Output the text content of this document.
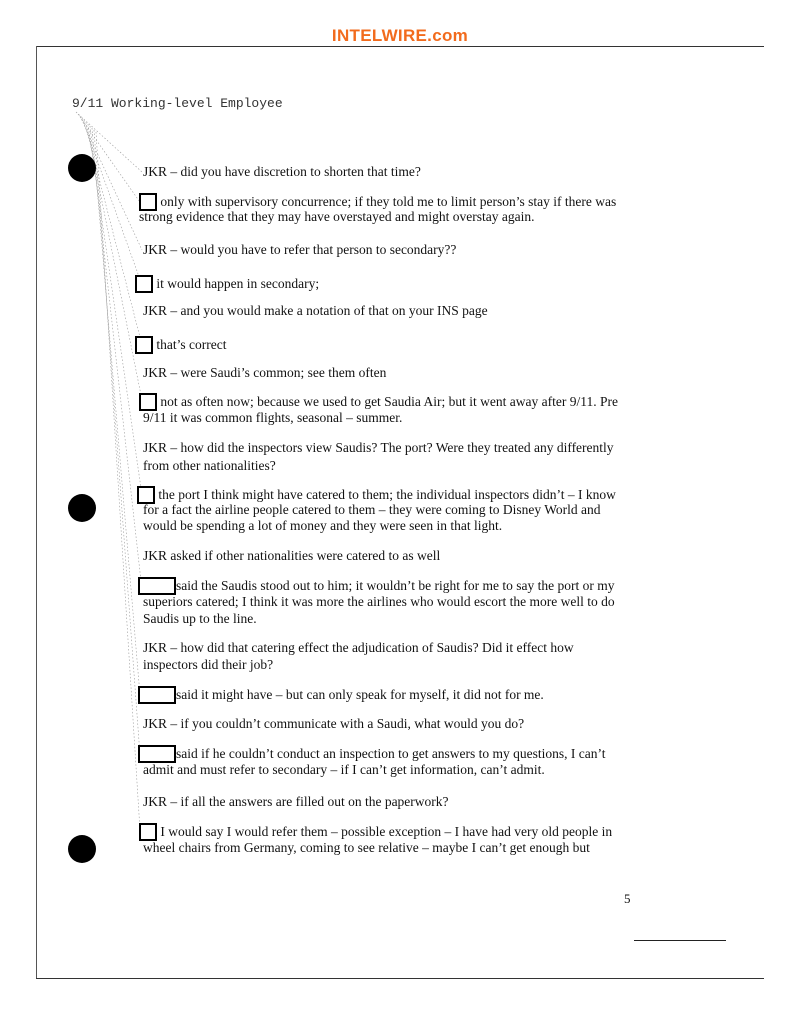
INTELWIRE.com
9/11 Working-level Employee
JKR – did you have discretion to shorten that time?
only with supervisory concurrence; if they told me to limit person’s stay if there was
strong evidence that they may have overstayed and might overstay again.
JKR – would you have to refer that person to secondary??
it would happen in secondary;
JKR – and you would make a notation of that on your INS page
that’s correct
JKR – were Saudi’s common; see them often
not as often now; because we used to get Saudia Air; but it went away after 9/11. Pre
9/11 it was common flights, seasonal – summer.
JKR – how did the inspectors view Saudis? The port? Were they treated any differently
from other nationalities?
the port I think might have catered to them; the individual inspectors didn’t – I know
for a fact the airline people catered to them – they were coming to Disney World and
would be spending a lot of money and they were seen in that light.
JKR asked if other nationalities were catered to as well
said the Saudis stood out to him; it wouldn’t be right for me to say the port or my
superiors catered; I think it was more the airlines who would escort the more well to do
Saudis up to the line.
JKR – how did that catering effect the adjudication of Saudis? Did it effect how
inspectors did their job?
said it might have – but can only speak for myself, it did not for me.
JKR – if you couldn’t communicate with a Saudi, what would you do?
said if he couldn’t conduct an inspection to get answers to my questions, I can’t
admit and must refer to secondary – if I can’t get information, can’t admit.
JKR – if all the answers are filled out on the paperwork?
I would say I would refer them – possible exception – I have had very old people in
wheel chairs from Germany, coming to see relative – maybe I can’t get enough but
5
